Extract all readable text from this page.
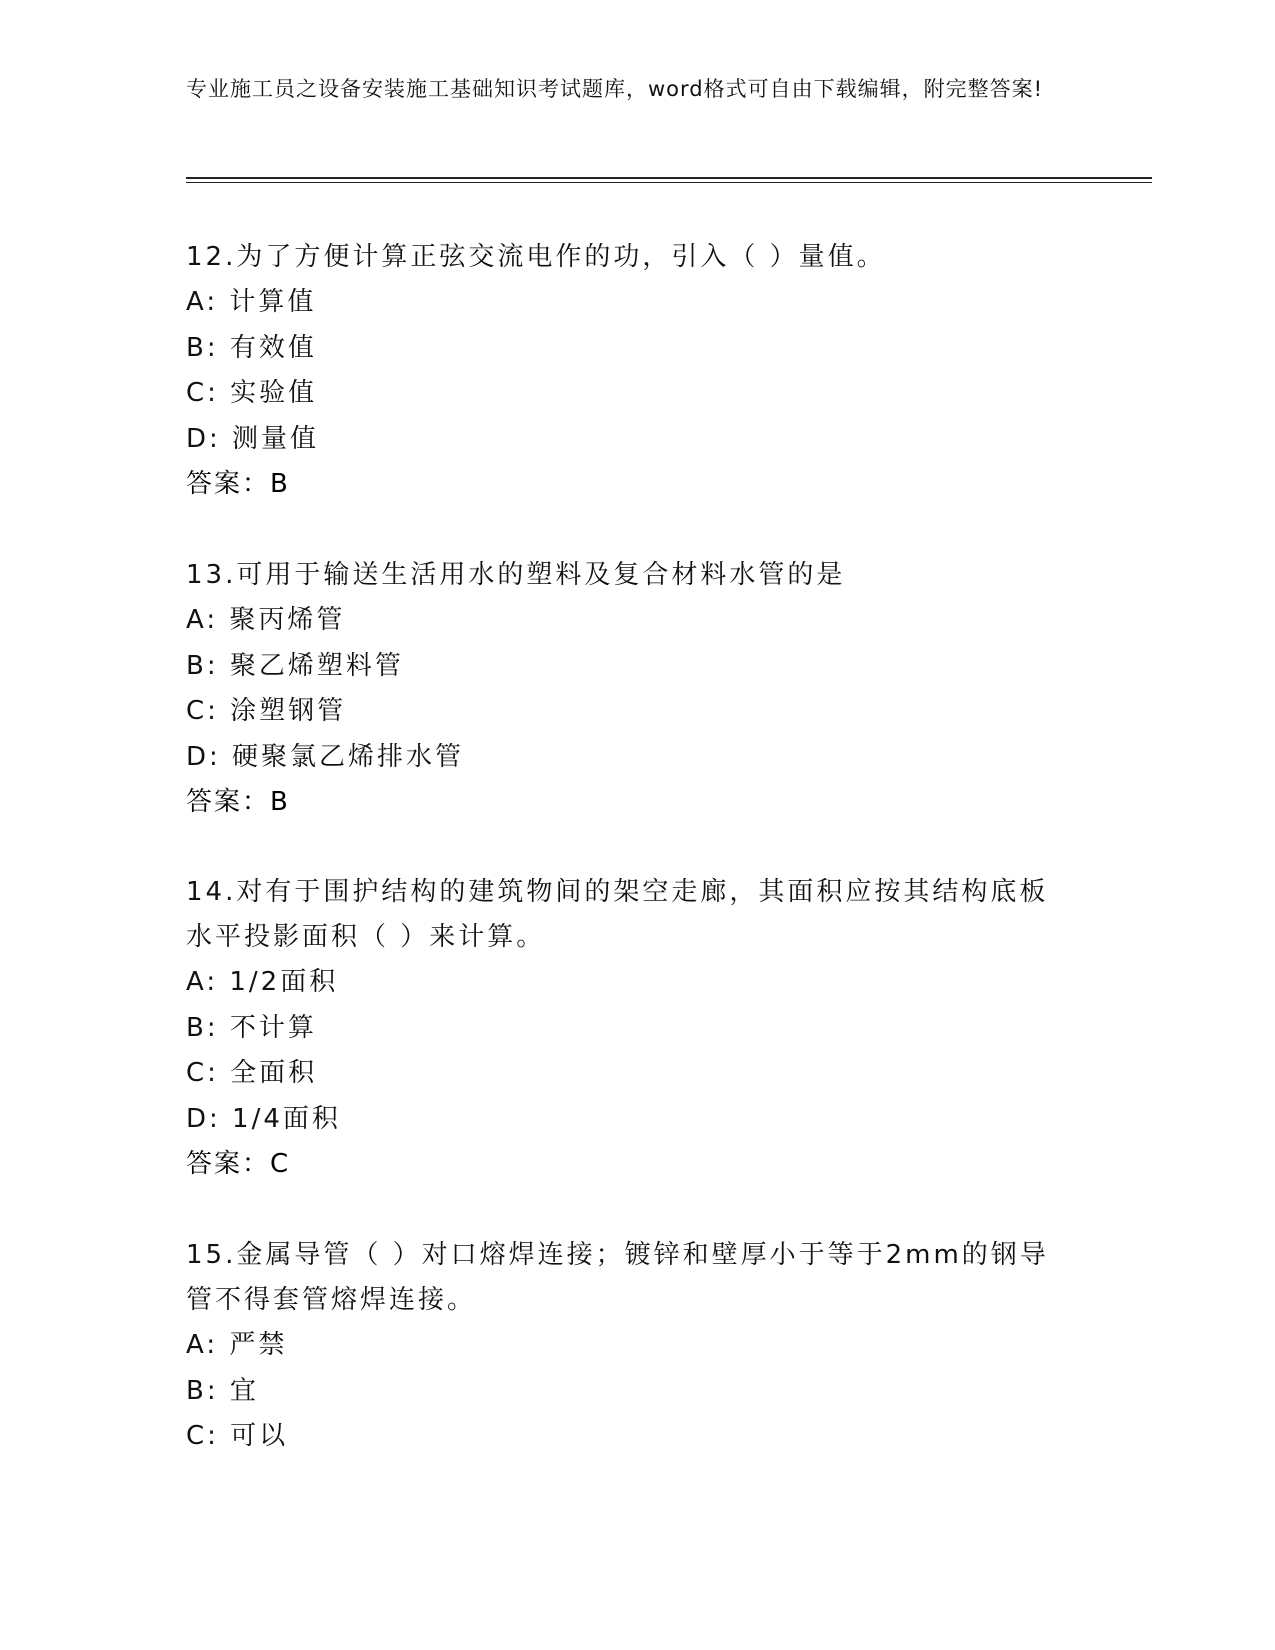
专业施工员之设备安装施工基础知识考试题库，word格式可自由下载编辑，附完整答案!

12.为了方便计算正弦交流电作的功，引入（ ）量值。

A: 计算值

B: 有效值

C: 实验值

D: 测量值

答案：B

13.可用于输送生活用水的塑料及复合材料水管的是

A: 聚丙烯管

B: 聚乙烯塑料管

C: 涂塑钢管

D: 硬聚氯乙烯排水管

答案：B

14.对有于围护结构的建筑物间的架空走廊，其面积应按其结构底板水平投影面积（ ）来计算。

A: 1/2面积

B: 不计算

C: 全面积

D: 1/4面积

答案：C

15.金属导管（ ）对口熔焊连接；镀锌和壁厚小于等于2mm的钢导管不得套管熔焊连接。

A: 严禁

B: 宜

C: 可以
